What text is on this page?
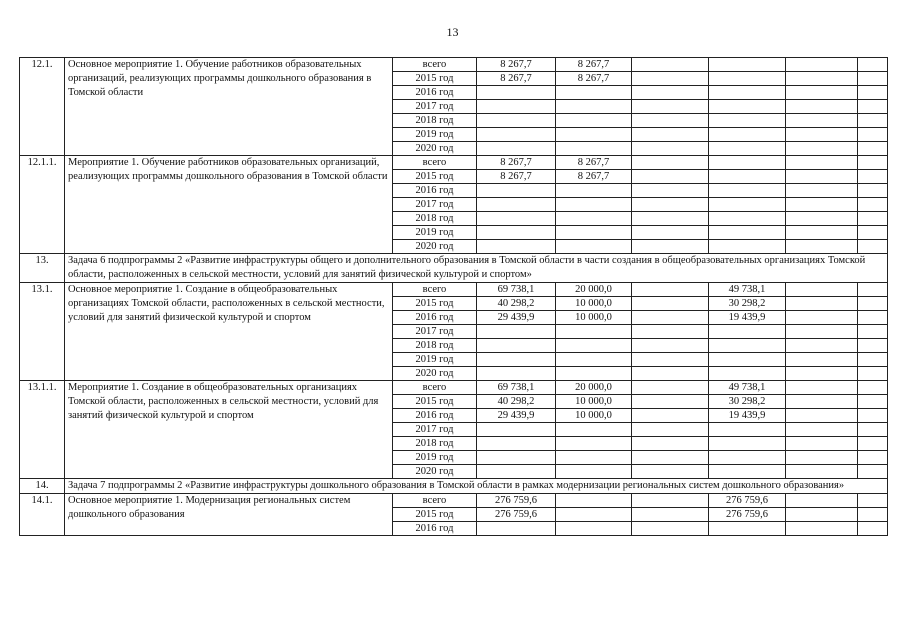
13
12.1.	Основное мероприятие 1. Обучение работников образовательных организаций, реализующих программы дошкольного образования в Томской области	всего	8 267,7	8 267,7				
		2015 год	8 267,7	8 267,7				
		2016 год						
		2017 год						
		2018 год						
		2019 год						
		2020 год						
12.1.1.	Мероприятие 1. Обучение работников образовательных организаций, реализующих программы дошкольного образования в Томской области	всего	8 267,7	8 267,7				
		2015 год	8 267,7	8 267,7				
		2016 год						
		2017 год						
		2018 год						
		2019 год						
		2020 год						
13.	Задача 6 подпрограммы 2 «Развитие инфраструктуры общего и дополнительного образования в Томской области в части создания в общеобразовательных организациях Томской области, расположенных в сельской местности, условий для занятий физической культурой и спортом»							
13.1.	Основное мероприятие 1. Создание в общеобразовательных организациях Томской области, расположенных в сельской местности, условий для занятий физической культурой и спортом	всего	69 738,1	20 000,0		49 738,1		
		2015 год	40 298,2	10 000,0		30 298,2		
		2016 год	29 439,9	10 000,0		19 439,9		
		2017 год						
		2018 год						
		2019 год						
		2020 год						
13.1.1.	Мероприятие 1. Создание в общеобразовательных организациях Томской области, расположенных в сельской местности, условий для занятий физической культурой и спортом	всего	69 738,1	20 000,0		49 738,1		
		2015 год	40 298,2	10 000,0		30 298,2		
		2016 год	29 439,9	10 000,0		19 439,9		
		2017 год						
		2018 год						
		2019 год						
		2020 год						
14.	Задача 7 подпрограммы 2 «Развитие инфраструктуры дошкольного образования в Томской области в рамках модернизации региональных систем дошкольного образования»							
14.1.	Основное мероприятие 1. Модернизация региональных систем дошкольного образования	всего	276 759,6			276 759,6		
		2015 год	276 759,6			276 759,6		
		2016 год						
